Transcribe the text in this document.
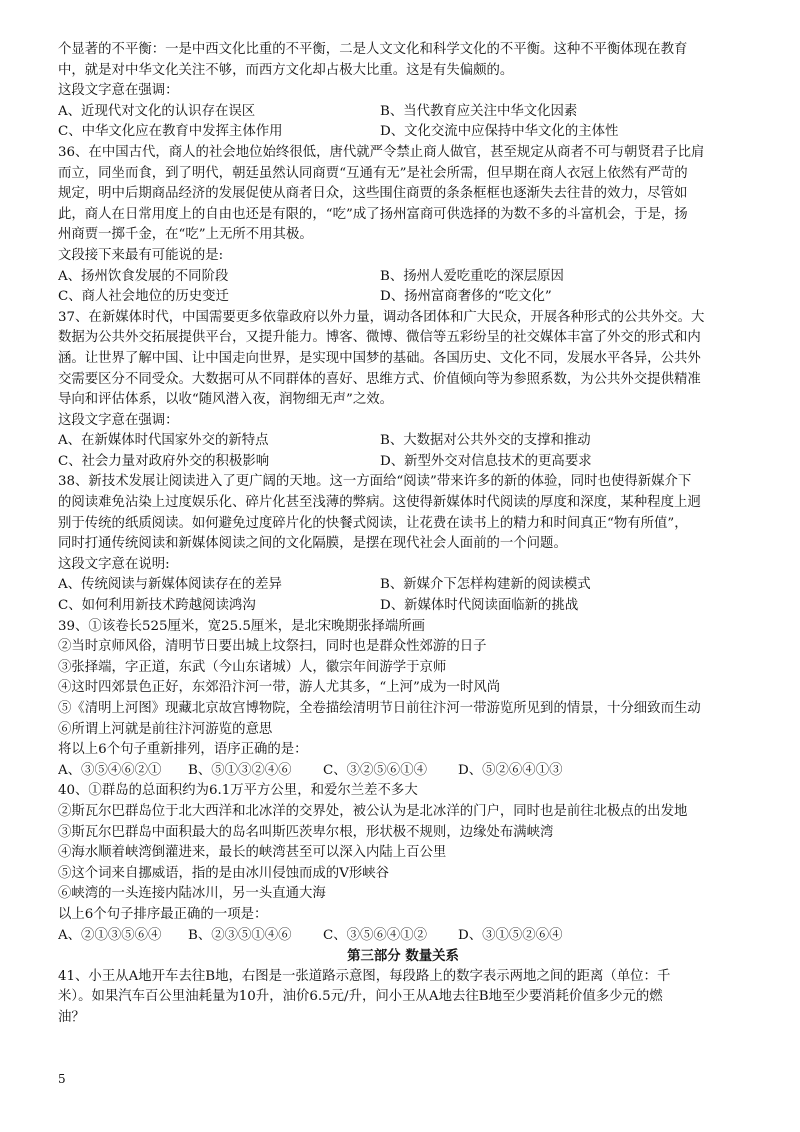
个显著的不平衡：一是中西文化比重的不平衡，二是人文文化和科学文化的不平衡。这种不平衡体现在教育
中，就是对中华文化关注不够，而西方文化却占极大比重。这是有失偏颇的。
这段文字意在强调：
A、近现代对文化的认识存在误区	B、当代教育应关注中华文化因素
C、中华文化应在教育中发挥主体作用	D、文化交流中应保持中华文化的主体性
36、在中国古代，商人的社会地位始终很低，唐代就严令禁止商人做官，甚至规定从商者不可与朝贤君子比肩
而立，同坐而食，到了明代，朝廷虽然认同商贾“互通有无”是社会所需，但早期在商人衣冠上依然有严苛的
规定，明中后期商品经济的发展促使从商者日众，这些围住商贾的条条框框也逐渐失去往昔的效力，尽管如
此，商人在日常用度上的自由也还是有限的，“吃”成了扬州富商可供选择的为数不多的斗富机会，于是，扬
州商贾一掷千金，在“吃”上无所不用其极。
文段接下来最有可能说的是:
A、扬州饮食发展的不同阶段	B、扬州人爱吃重吃的深层原因
C、商人社会地位的历史变迁	D、扬州富商奢侈的“吃文化”
37、在新媒体时代，中国需要更多依靠政府以外力量，调动各团体和广大民众，开展各种形式的公共外交。大
数据为公共外交拓展提供平台，又提升能力。博客、微博、微信等五彩纷呈的社交媒体丰富了外交的形式和内
涵。让世界了解中国、让中国走向世界，是实现中国梦的基础。各国历史、文化不同，发展水平各异，公共外
交需要区分不同受众。大数据可从不同群体的喜好、思维方式、价值倾向等为参照系数，为公共外交提供精准
导向和评估体系，以收“随风潜入夜，润物细无声”之效。
这段文字意在强调：
A、在新媒体时代国家外交的新特点	B、大数据对公共外交的支撑和推动
C、社会力量对政府外交的积极影响	D、新型外交对信息技术的更高要求
38、新技术发展让阅读进入了更广阔的天地。这一方面给“阅读”带来许多的新的体验，同时也使得新媒介下
的阅读难免沾染上过度娱乐化、碎片化甚至浅薄的弊病。这使得新媒体时代阅读的厚度和深度，某种程度上迥
别于传统的纸质阅读。如何避免过度碎片化的快餐式阅读，让花费在读书上的精力和时间真正“物有所值”，
同时打通传统阅读和新媒体阅读之间的文化隔膜，是摆在现代社会人面前的一个问题。
这段文字意在说明:
A、传统阅读与新媒体阅读存在的差异	B、新媒介下怎样构建新的阅读模式
C、如何利用新技术跨越阅读鸿沟	D、新媒体时代阅读面临新的挑战
39、①该卷长525厘米，宽25.5厘米，是北宋晚期张择端所画
②当时京师风俗，清明节日要出城上坟祭扫，同时也是群众性郊游的日子
③张择端，字正道，东武（今山东诸城）人，徽宗年间游学于京师
④这时四郊景色正好，东郊沿汴河一带，游人尤其多，“上河”成为一时风尚
⑤《清明上河图》现藏北京故宫博物院，全卷描绘清明节日前往汴河一带游览所见到的情景，十分细致而生动
⑥所谓上河就是前往汴河游览的意思
将以上6个句子重新排列，语序正确的是：
A、③⑤④⑥②①	B、⑤①③②④⑥	C、③②⑤⑥①④	D、⑤②⑥④①③
40、①群岛的总面积约为6.1万平方公里，和爱尔兰差不多大
②斯瓦尔巴群岛位于北大西洋和北冰洋的交界处，被公认为是北冰洋的门户，同时也是前往北极点的出发地
③斯瓦尔巴群岛中面积最大的岛名叫斯匹茨卑尔根，形状极不规则，边缘处布满峡湾
④海水顺着峡湾倒灌进来，最长的峡湾甚至可以深入内陆上百公里
⑤这个词来自挪威语，指的是由冰川侵蚀而成的V形峡谷
⑥峡湾的一头连接内陆冰川，另一头直通大海
以上6个句子排序最正确的一项是：
A、②①③⑤⑥④	B、②③⑤①④⑥	C、③⑤⑥④①②	D、③①⑤②⑥④
第三部分 数量关系
41、小王从A地开车去往B地，右图是一张道路示意图，每段路上的数字表示两地之间的距离（单位：千
米）。如果汽车百公里油耗量为10升，油价6.5元/升，问小王从A地去往B地至少要消耗价值多少元的燃
油？
5
